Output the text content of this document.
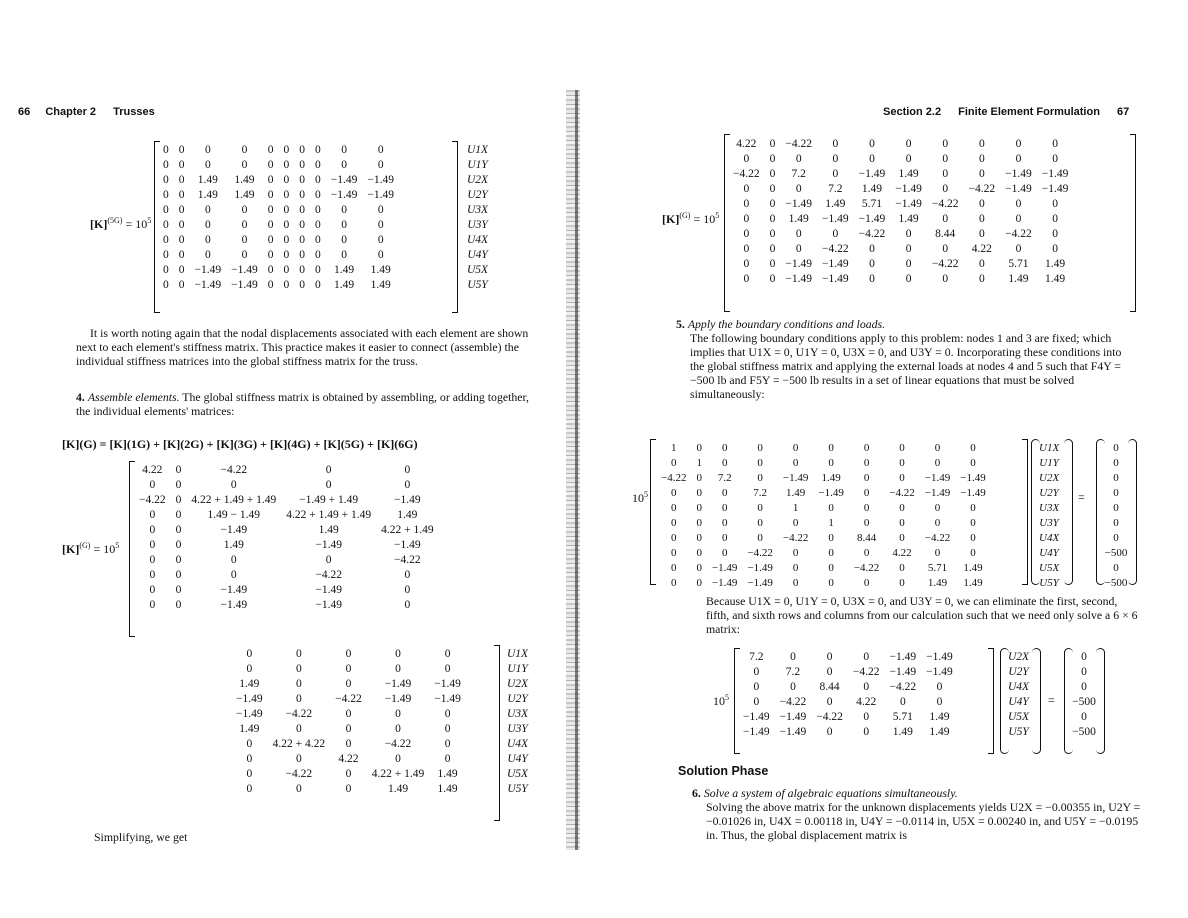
66 Chapter 2 Trusses
$[K]^{(5G)} = 10^5$
0	0	0	0	0	0	0	0	0	0
0	0	0	0	0	0	0	0	0	0
0	0	1.49	1.49	0	0	0	0	−1.49	−1.49
0	0	1.49	1.49	0	0	0	0	−1.49	−1.49
0	0	0	0	0	0	0	0	0	0
0	0	0	0	0	0	0	0	0	0
0	0	0	0	0	0	0	0	0	0
0	0	0	0	0	0	0	0	0	0
0	0	−1.49	−1.49	0	0	0	0	1.49	1.49
0	0	−1.49	−1.49	0	0	0	0	1.49	1.49
U1X
U1Y
U2X
U2Y
U3X
U3Y
U4X
U4Y
U5X
U5Y

It is worth noting again that the nodal displacements associated with each element are shown next to each element's stiffness matrix. This practice makes it easier to connect (assemble) the individual stiffness matrices into the global stiffness matrix for the truss.

4. Assemble elements. The global stiffness matrix is obtained by assembling, or adding together, the individual elements' matrices:
[K](G) = [K](1G) + [K](2G) + [K](3G) + [K](4G) + [K](5G) + [K](6G)
$[K]^{(G)} = 10^5$
4.22	0	−4.22	0	0
0	0	0	0	0
−4.22	0	4.22 + 1.49 + 1.49	−1.49 + 1.49	−1.49
0	0	1.49 − 1.49	4.22 + 1.49 + 1.49	1.49
0	0	−1.49	1.49	4.22 + 1.49
0	0	1.49	−1.49	−1.49
0	0	0	0	−4.22
0	0	0	−4.22	0
0	0	−1.49	−1.49	0
0	0	−1.49	−1.49	0
0	0	0	0	0
0	0	0	0	0
1.49	0	0	−1.49	−1.49
−1.49	0	−4.22	−1.49	−1.49
−1.49	−4.22	0	0	0
1.49	0	0	0	0
0	4.22 + 4.22	0	−4.22	0
0	0	4.22	0	0
0	−4.22	0	4.22 + 1.49	1.49
0	0	0	1.49	1.49
U1X
U1Y
U2X
U2Y
U3X
U3Y
U4X
U4Y
U5X
U5Y
Simplifying, we get
Section 2.2 Finite Element Formulation 67
$[K]^{(G)} = 10^5$
4.22	0	−4.22	0	0	0	0	0	0	0
0	0	0	0	0	0	0	0	0	0
−4.22	0	7.2	0	−1.49	1.49	0	0	−1.49	−1.49
0	0	0	7.2	1.49	−1.49	0	−4.22	−1.49	−1.49
0	0	−1.49	1.49	5.71	−1.49	−4.22	0	0	0
0	0	1.49	−1.49	−1.49	1.49	0	0	0	0
0	0	0	0	−4.22	0	8.44	0	−4.22	0
0	0	0	−4.22	0	0	0	4.22	0	0
0	0	−1.49	−1.49	0	0	−4.22	0	5.71	1.49
0	0	−1.49	−1.49	0	0	0	0	1.49	1.49

5. Apply the boundary conditions and loads.

The following boundary conditions apply to this problem: nodes 1 and 3 are fixed; which implies that U1X = 0, U1Y = 0, U3X = 0, and U3Y = 0. Incorporating these conditions into the global stiffness matrix and applying the external loads at nodes 4 and 5 such that F4Y = −500 lb and F5Y = −500 lb results in a set of linear equations that must be solved simultaneously:

$10^5$
1	0	0	0	0	0	0	0	0	0
0	1	0	0	0	0	0	0	0	0
−4.22	0	7.2	0	−1.49	1.49	0	0	−1.49	−1.49
0	0	0	7.2	1.49	−1.49	0	−4.22	−1.49	−1.49
0	0	0	0	1	0	0	0	0	0
0	0	0	0	0	1	0	0	0	0
0	0	0	0	−4.22	0	8.44	0	−4.22	0
0	0	0	−4.22	0	0	0	4.22	0	0
0	0	−1.49	−1.49	0	0	−4.22	0	5.71	1.49
0	0	−1.49	−1.49	0	0	0	0	1.49	1.49
U1X
U1Y
U2X
U2Y
U3X
U3Y
U4X
U4Y
U5X
U5Y
=
0
0
0
0
0
0
0
−500
0
−500
Because U1X = 0, U1Y = 0, U3X = 0, and U3Y = 0, we can eliminate the first, second, fifth, and sixth rows and columns from our calculation such that we need only solve a 6 × 6 matrix:
$10^5$
7.2	0	0	0	−1.49	−1.49
0	7.2	0	−4.22	−1.49	−1.49
0	0	8.44	0	−4.22	0
0	−4.22	0	4.22	0	0
−1.49	−1.49	−4.22	0	5.71	1.49
−1.49	−1.49	0	0	1.49	1.49
U2X
U2Y
U4X
U4Y
U5X
U5Y
=
0
0
0
−500
0
−500
Solution Phase

6. Solve a system of algebraic equations simultaneously.

Solving the above matrix for the unknown displacements yields U2X = −0.00355 in, U2Y = −0.01026 in, U4X = 0.00118 in, U4Y = −0.0114 in, U5X = 0.00240 in, and U5Y = −0.0195 in. Thus, the global displacement matrix is
